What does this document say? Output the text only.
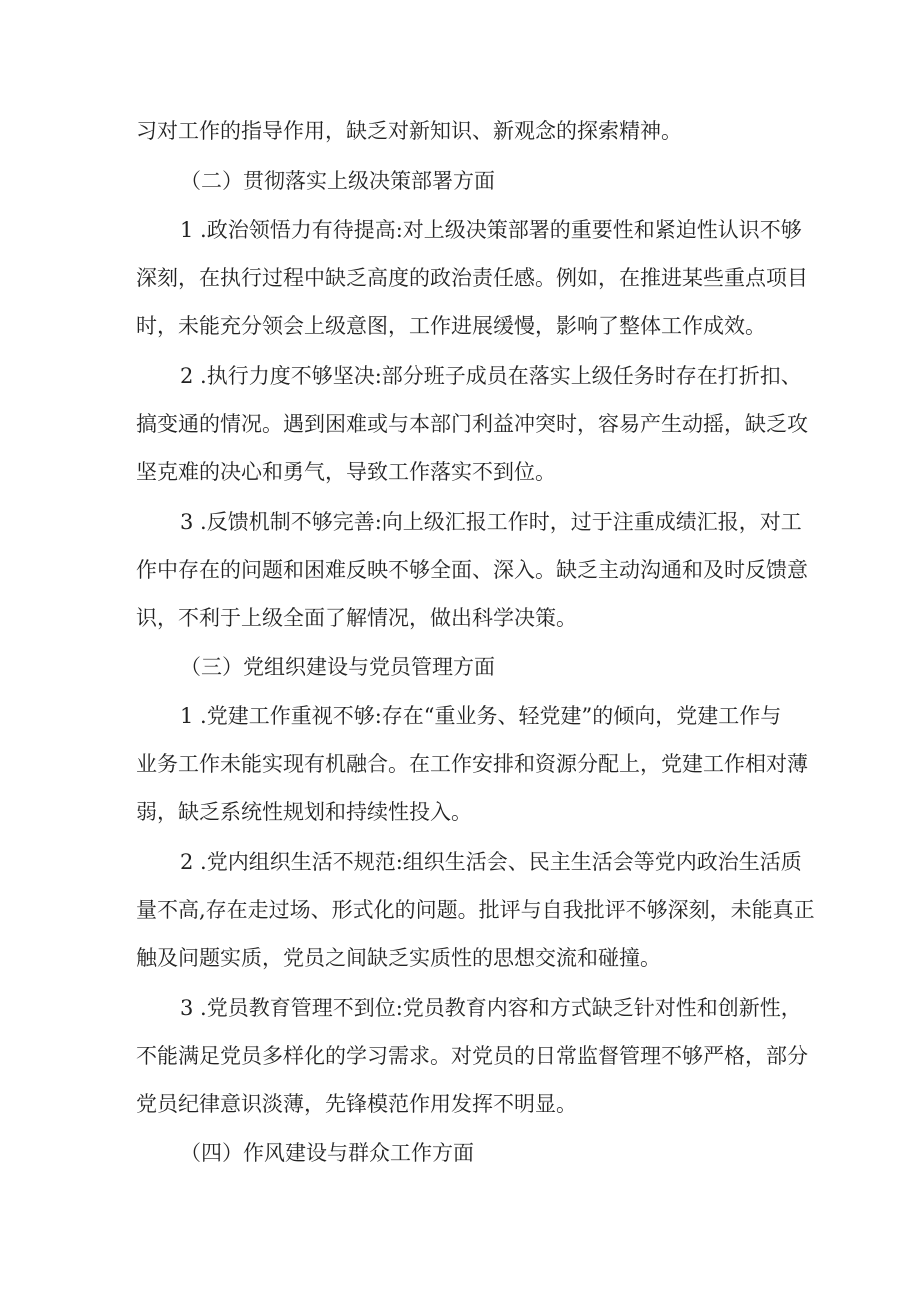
习对工作的指导作用，缺乏对新知识、新观念的探索精神。
（二）贯彻落实上级决策部署方面
1 .政治领悟力有待提高:对上级决策部署的重要性和紧迫性认识不够
深刻，在执行过程中缺乏高度的政治责任感。例如，在推进某些重点项目
时，未能充分领会上级意图，工作进展缓慢，影响了整体工作成效。
2 .执行力度不够坚决:部分班子成员在落实上级任务时存在打折扣、
搞变通的情况。遇到困难或与本部门利益冲突时，容易产生动摇，缺乏攻
坚克难的决心和勇气，导致工作落实不到位。
3 .反馈机制不够完善:向上级汇报工作时，过于注重成绩汇报，对工
作中存在的问题和困难反映不够全面、深入。缺乏主动沟通和及时反馈意
识，不利于上级全面了解情况，做出科学决策。
（三）党组织建设与党员管理方面
1 .党建工作重视不够:存在“重业务、轻党建”的倾向，党建工作与
业务工作未能实现有机融合。在工作安排和资源分配上，党建工作相对薄
弱，缺乏系统性规划和持续性投入。
2 .党内组织生活不规范:组织生活会、民主生活会等党内政治生活质
量不高,存在走过场、形式化的问题。批评与自我批评不够深刻，未能真正
触及问题实质，党员之间缺乏实质性的思想交流和碰撞。
3 .党员教育管理不到位:党员教育内容和方式缺乏针对性和创新性，
不能满足党员多样化的学习需求。对党员的日常监督管理不够严格，部分
党员纪律意识淡薄，先锋模范作用发挥不明显。
（四）作风建设与群众工作方面
